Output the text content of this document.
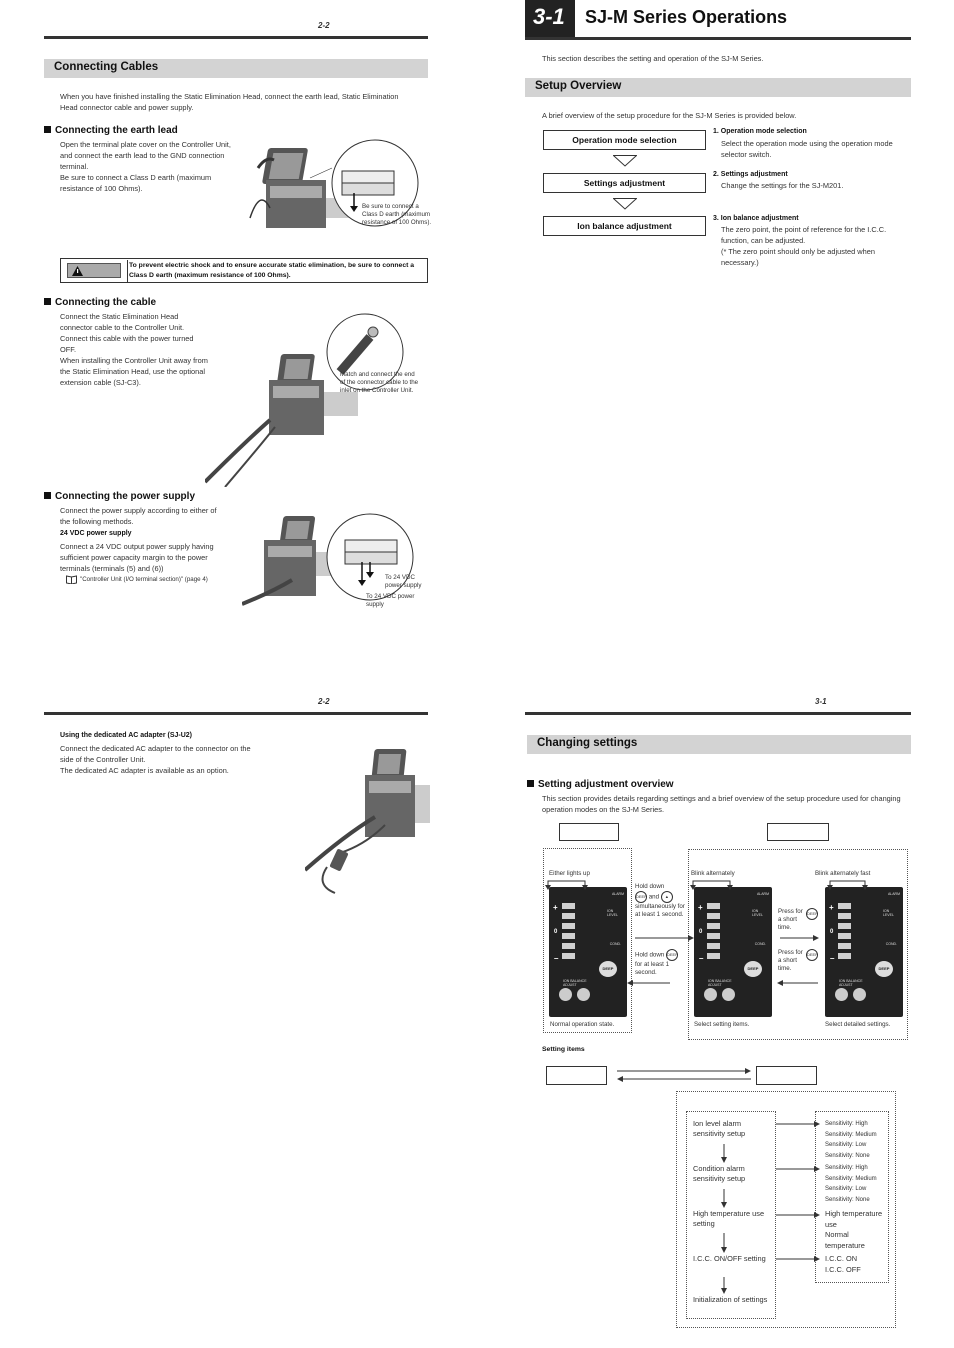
2-2
Connecting Cables
When you have finished installing the Static Elimination Head, connect the earth lead, Static Elimination Head connector cable and power supply.
Connecting the earth lead
Open the terminal plate cover on the Controller Unit, and connect the earth lead to the GND connection terminal.
Be sure to connect a Class D earth (maximum resistance of 100 Ohms).
Be sure to connect a Class D earth (maximum resistance of 100 Ohms).
To prevent electric shock and to ensure accurate static elimination, be sure to connect a Class D earth (maximum resistance of 100 Ohms).
Connecting the cable
Connect the Static Elimination Head connector cable to the Controller Unit. Connect this cable with the power turned OFF.
When installing the Controller Unit away from the Static Elimination Head, use the optional extension cable (SJ-C3).
Match and connect the end of the connector cable to the inlet on the Controller Unit.
Connecting the power supply
Connect the power supply according to either of the following methods.
24 VDC power supply
Connect a 24 VDC output power supply having sufficient power capacity margin to the power terminals (terminals (5) and (6))
"Controller Unit (I/O terminal section)" (page 4)	To 24 VDC power supply
To 24 VDC power supply
2-2
Using the dedicated AC adapter (SJ-U2)
Connect the dedicated AC adapter to the connector on the side of the Controller Unit.
The dedicated AC adapter is available as an option.
3-1 SJ-M Series Operations
This section describes the setting and operation of the SJ-M Series.
Setup Overview
A brief overview of the setup procedure for the SJ-M Series is provided below.
Operation mode selection
Settings adjustment
Ion balance adjustment
1. Operation mode selection
Select the operation mode using the operation mode selector switch.
2. Settings adjustment
Change the settings for the SJ-M201.
3. Ion balance adjustment
The zero point, the point of reference for the I.C.C. function, can be adjusted.
(* The zero point should only be adjusted when necessary.)
3-1
Changing settings
Setting adjustment overview
This section provides details regarding settings and a brief overview of the setup procedure used for changing operation modes on the SJ-M Series.
Either lights up	Blink alternately	Blink alternately fast
ALARM
ION LEVEL
COND.
+
0
–
DEEP
ION BALANCE ADJUST
ALARM
ION LEVEL
COND.
+
0
–
DEEP
ION BALANCE ADJUST
ALARM
ION LEVEL
COND.
+
0
–
DEEP
ION BALANCE ADJUST
Hold down
DEEP and ▲
simultaneously for at least 1 second.
Hold down DEEP
for at least 1 second.
DEEP
Press for a short time.
DEEP
Press for a short time.
Normal operation state.	Select setting items.	Select detailed settings.
Setting items
Ion level alarm sensitivity setup
Condition alarm sensitivity setup
High temperature use setting
I.C.C. ON/OFF setting
Initialization of settings
Sensitivity: High
Sensitivity: Medium
Sensitivity: Low
Sensitivity: None
Sensitivity: High
Sensitivity: Medium
Sensitivity: Low
Sensitivity: None
High temperature use
Normal temperature
I.C.C. ON
I.C.C. OFF
